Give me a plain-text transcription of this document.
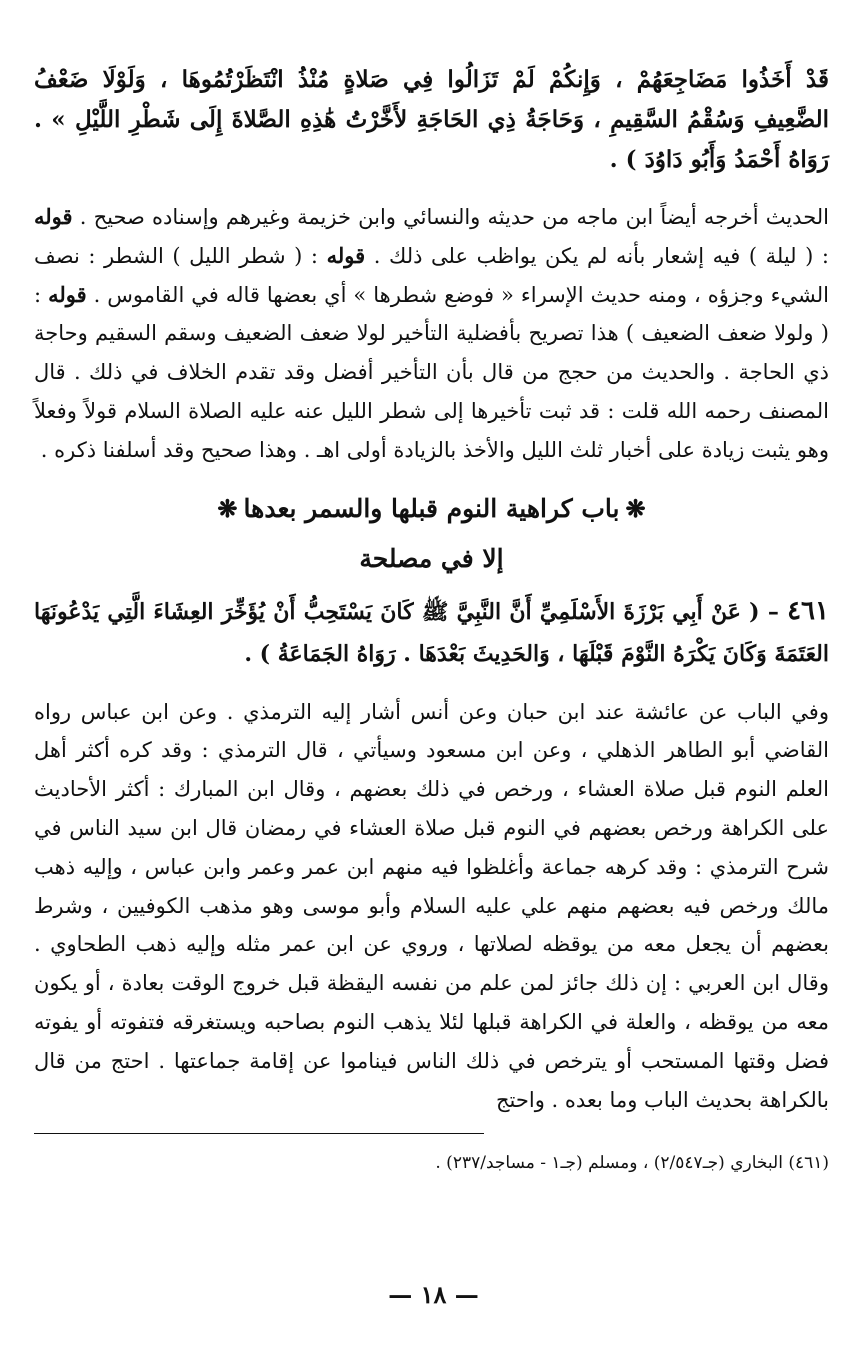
قَدْ أَخَذُوا مَضَاجِعَهُمْ ، وَإِنكُمْ لَمْ تَزَالُوا فِي صَلاةٍ مُنْذُ انْتَظَرْتُمُوهَا ، وَلَوْلَا ضَعْفُ الضَّعِيفِ وَسُقْمُ السَّقِيمِ ، وَحَاجَةُ ذِي الحَاجَةِ لأَخَّرْتُ هَٰذِهِ الصَّلاةَ إِلَى شَطْرِ اللَّيْلِ » . رَوَاهُ أَحْمَدُ وَأَبُو دَاوُدَ ) .

الحديث أخرجه أيضاً ابن ماجه من حديثه والنسائي وابن خزيمة وغيرهم وإسناده صحيح . قوله : ( ليلة ) فيه إشعار بأنه لم يكن يواظب على ذلك . قوله : ( شطر الليل ) الشطر : نصف الشيء وجزؤه ، ومنه حديث الإسراء « فوضع شطرها » أي بعضها قاله في القاموس . قوله : ( ولولا ضعف الضعيف ) هذا تصريح بأفضلية التأخير لولا ضعف الضعيف وسقم السقيم وحاجة ذي الحاجة . والحديث من حجج من قال بأن التأخير أفضل وقد تقدم الخلاف في ذلك . قال المصنف رحمه الله قلت : قد ثبت تأخيرها إلى شطر الليل عنه عليه الصلاة السلام قولاً وفعلاً وهو يثبت زيادة على أخبار ثلث الليل والأخذ بالزيادة أولى اهـ . وهذا صحيح وقد أسلفنا ذكره .

❋باب كراهية النوم قبلها والسمر بعدها❋
إلا في مصلحة

٤٦١ – ( عَنْ أَبِي بَرْزَةَ الأَسْلَمِيِّ أَنَّ النَّبِيَّ ﷺ كَانَ يَسْتَحِبُّ أَنْ يُؤَخِّرَ العِشَاءَ الَّتِي يَدْعُونَهَا العَتَمَةَ وَكَانَ يَكْرَهُ النَّوْمَ قَبْلَهَا ، وَالحَدِيثَ بَعْدَهَا . رَوَاهُ الجَمَاعَةُ ) .

وفي الباب عن عائشة عند ابن حبان وعن أنس أشار إليه الترمذي . وعن ابن عباس رواه القاضي أبو الطاهر الذهلي ، وعن ابن مسعود وسيأتي ، قال الترمذي : وقد كره أكثر أهل العلم النوم قبل صلاة العشاء ، ورخص في ذلك بعضهم ، وقال ابن المبارك : أكثر الأحاديث على الكراهة ورخص بعضهم في النوم قبل صلاة العشاء في رمضان قال ابن سيد الناس في شرح الترمذي : وقد كرهه جماعة وأغلظوا فيه منهم ابن عمر وعمر وابن عباس ، وإليه ذهب مالك ورخص فيه بعضهم منهم علي عليه السلام وأبو موسى وهو مذهب الكوفيين ، وشرط بعضهم أن يجعل معه من يوقظه لصلاتها ، وروي عن ابن عمر مثله وإليه ذهب الطحاوي . وقال ابن العربي : إن ذلك جائز لمن علم من نفسه اليقظة قبل خروج الوقت بعادة ، أو يكون معه من يوقظه ، والعلة في الكراهة قبلها لئلا يذهب النوم بصاحبه ويستغرقه فتفوته أو يفوته فضل وقتها المستحب أو يترخص في ذلك الناس فيناموا عن إقامة جماعتها . احتج من قال بالكراهة بحديث الباب وما بعده . واحتج

(٤٦١) البخاري (جـ٢/٥٤٧) ، ومسلم (جـ١ - مساجد/٢٣٧) .

— ١٨ —
